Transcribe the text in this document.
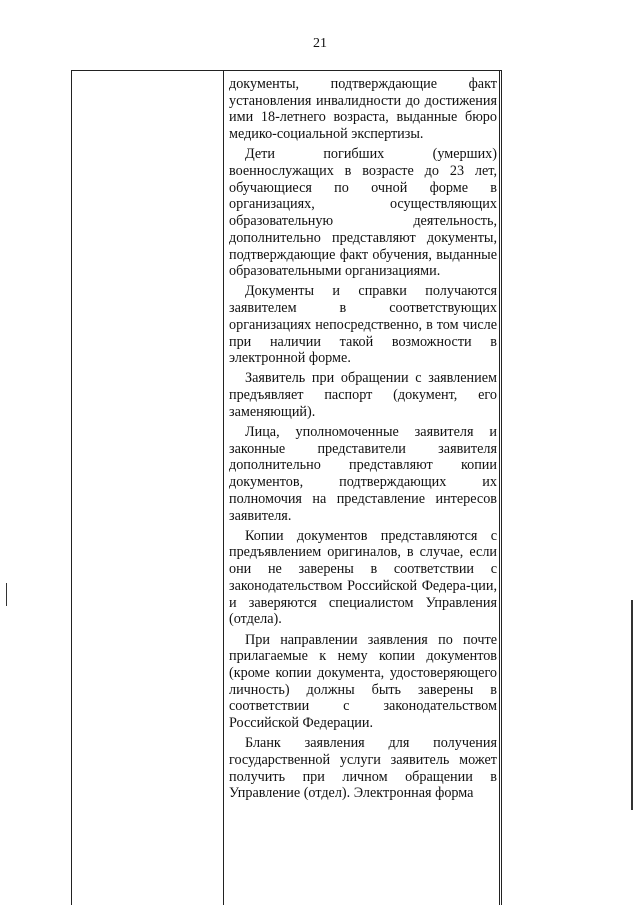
21

документы, подтверждающие факт установления инвалидности до достижения ими 18-летнего возраста, выданные бюро медико-социальной экспертизы.

Дети погибших (умерших) военнослужащих в возрасте до 23 лет, обучающиеся по очной форме в организациях, осуществляющих образовательную деятельность, дополнительно представляют документы, подтверждающие факт обучения, выданные образовательными организациями.

Документы и справки получаются заявителем в соответствующих организациях непосредственно, в том числе при наличии такой возможности в электронной форме.

Заявитель при обращении с заявлением предъявляет паспорт (документ, его заменяющий).

Лица, уполномоченные заявителя и законные представители заявителя дополнительно представляют копии документов, подтверждающих их полномочия на представление интересов заявителя.

Копии документов представляются с предъявлением оригиналов, в случае, если они не заверены в соответствии с законодательством Российской Федера-ции, и заверяются специалистом Управления (отдела).

При направлении заявления по почте прилагаемые к нему копии документов (кроме копии документа, удостоверяющего личность) должны быть заверены в соответствии с законодательством Российской Федерации.

Бланк заявления для получения государственной услуги заявитель может получить при личном обращении в Управление (отдел). Электронная форма
